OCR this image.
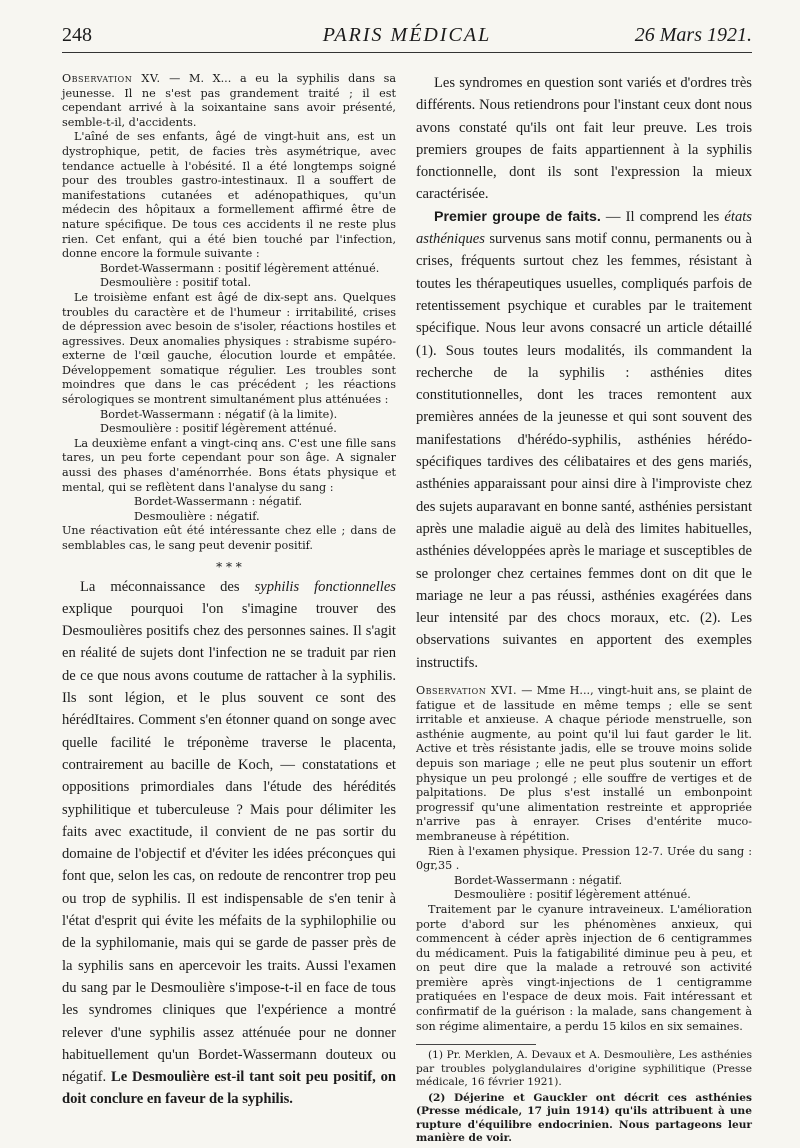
248	PARIS MÉDICAL	26 Mars 1921.

Observation XV. — M. X... a eu la syphilis dans sa jeunesse. Il ne s'est pas grandement traité ; il est cependant arrivé à la soixantaine sans avoir présenté, semble-t-il, d'accidents.

L'aîné de ses enfants, âgé de vingt-huit ans, est un dystrophique, petit, de facies très asymétrique, avec tendance actuelle à l'obésité. Il a été longtemps soigné pour des troubles gastro-intestinaux. Il a souffert de manifestations cutanées et adénopathiques, qu'un médecin des hôpitaux a formellement affirmé être de nature spécifique. De tous ces accidents il ne reste plus rien. Cet enfant, qui a été bien touché par l'infection, donne encore la formule suivante :

Bordet-Wassermann : positif légèrement atténué.

Desmoulière : positif total.

Le troisième enfant est âgé de dix-sept ans. Quelques troubles du caractère et de l'humeur : irritabilité, crises de dépression avec besoin de s'isoler, réactions hostiles et agressives. Deux anomalies physiques : strabisme supéro-externe de l'œil gauche, élocution lourde et empâtée. Développement somatique régulier. Les troubles sont moindres que dans le cas précédent ; les réactions sérologiques se montrent simultanément plus atténuées :

Bordet-Wassermann : négatif (à la limite).

Desmoulière : positif légèrement atténué.

La deuxième enfant a vingt-cinq ans. C'est une fille sans tares, un peu forte cependant pour son âge. A signaler aussi des phases d'aménorrhée. Bons états physique et mental, qui se reflètent dans l'analyse du sang :

Bordet-Wassermann : négatif.

Desmoulière : négatif.

Une réactivation eût été intéressante chez elle ; dans de semblables cas, le sang peut devenir positif.

* * *

La méconnaissance des syphilis fonctionnelles explique pourquoi l'on s'imagine trouver des Desmoulières positifs chez des personnes saines. Il s'agit en réalité de sujets dont l'infection ne se traduit par rien de ce que nous avons coutume de rattacher à la syphilis. Ils sont légion, et le plus souvent ce sont des hérédItaires. Comment s'en étonner quand on songe avec quelle facilité le tréponème traverse le placenta, contrairement au bacille de Koch, — constatations et oppositions primordiales dans l'étude des hérédités syphilitique et tuberculeuse ? Mais pour délimiter les faits avec exactitude, il convient de ne pas sortir du domaine de l'objectif et d'éviter les idées préconçues qui font que, selon les cas, on redoute de rencontrer trop peu ou trop de syphilis. Il est indispensable de s'en tenir à l'état d'esprit qui évite les méfaits de la syphilophilie ou de la syphilomanie, mais qui se garde de passer près de la syphilis sans en apercevoir les traits. Aussi l'examen du sang par le Desmoulière s'impose-t-il en face de tous les syndromes cliniques que l'expérience a montré relever d'une syphilis assez atténuée pour ne donner habituellement qu'un Bordet-Wassermann douteux ou négatif. Le Desmoulière est-il tant soit peu positif, on doit conclure en faveur de la syphilis.

Les syndromes en question sont variés et d'ordres très différents. Nous retiendrons pour l'instant ceux dont nous avons constaté qu'ils ont fait leur preuve. Les trois premiers groupes de faits appartiennent à la syphilis fonctionnelle, dont ils sont l'expression la mieux caractérisée.

Premier groupe de faits. — Il comprend les états asthéniques survenus sans motif connu, permanents ou à crises, fréquents surtout chez les femmes, résistant à toutes les thérapeutiques usuelles, compliqués parfois de retentissement psychique et curables par le traitement spécifique. Nous leur avons consacré un article détaillé (1). Sous toutes leurs modalités, ils commandent la recherche de la syphilis : asthénies dites constitutionnelles, dont les traces remontent aux premières années de la jeunesse et qui sont souvent des manifestations d'hérédo-syphilis, asthénies hérédo-spécifiques tardives des célibataires et des gens mariés, asthénies apparaissant pour ainsi dire à l'improviste chez des sujets auparavant en bonne santé, asthénies persistant après une maladie aiguë au delà des limites habituelles, asthénies développées après le mariage et susceptibles de se prolonger chez certaines femmes dont on dit que le mariage ne leur a pas réussi, asthénies exagérées dans leur intensité par des chocs moraux, etc. (2). Les observations suivantes en apportent des exemples instructifs.

Observation XVI. — Mme H..., vingt-huit ans, se plaint de fatigue et de lassitude en même temps ; elle se sent irritable et anxieuse. A chaque période menstruelle, son asthénie augmente, au point qu'il lui faut garder le lit. Active et très résistante jadis, elle se trouve moins solide depuis son mariage ; elle ne peut plus soutenir un effort physique un peu prolongé ; elle souffre de vertiges et de palpitations. De plus s'est installé un embonpoint progressif qu'une alimentation restreinte et appropriée n'arrive pas à enrayer. Crises d'entérite muco-membraneuse à répétition.

Rien à l'examen physique. Pression 12-7. Urée du sang : 0gr,35 .

Bordet-Wassermann : négatif.

Desmoulière : positif légèrement atténué.

Traitement par le cyanure intraveineux. L'amélioration porte d'abord sur les phénomènes anxieux, qui commencent à céder après injection de 6 centigrammes du médicament. Puis la fatigabilité diminue peu à peu, et on peut dire que la malade a retrouvé son activité première après vingt-injections de 1 centigramme pratiquées en l'espace de deux mois. Fait intéressant et confirmatif de la guérison : la malade, sans changement à son régime alimentaire, a perdu 15 kilos en six semaines.

(1) Pr. Merklen, A. Devaux et A. Desmoulière, Les asthénies par troubles polyglandulaires d'origine syphilitique (Presse médicale, 16 février 1921).

(2) Déjerine et Gauckler ont décrit ces asthénies (Presse médicale, 17 juin 1914) qu'ils attribuent à une rupture d'équilibre endocrinien. Nous partageons leur manière de voir.
